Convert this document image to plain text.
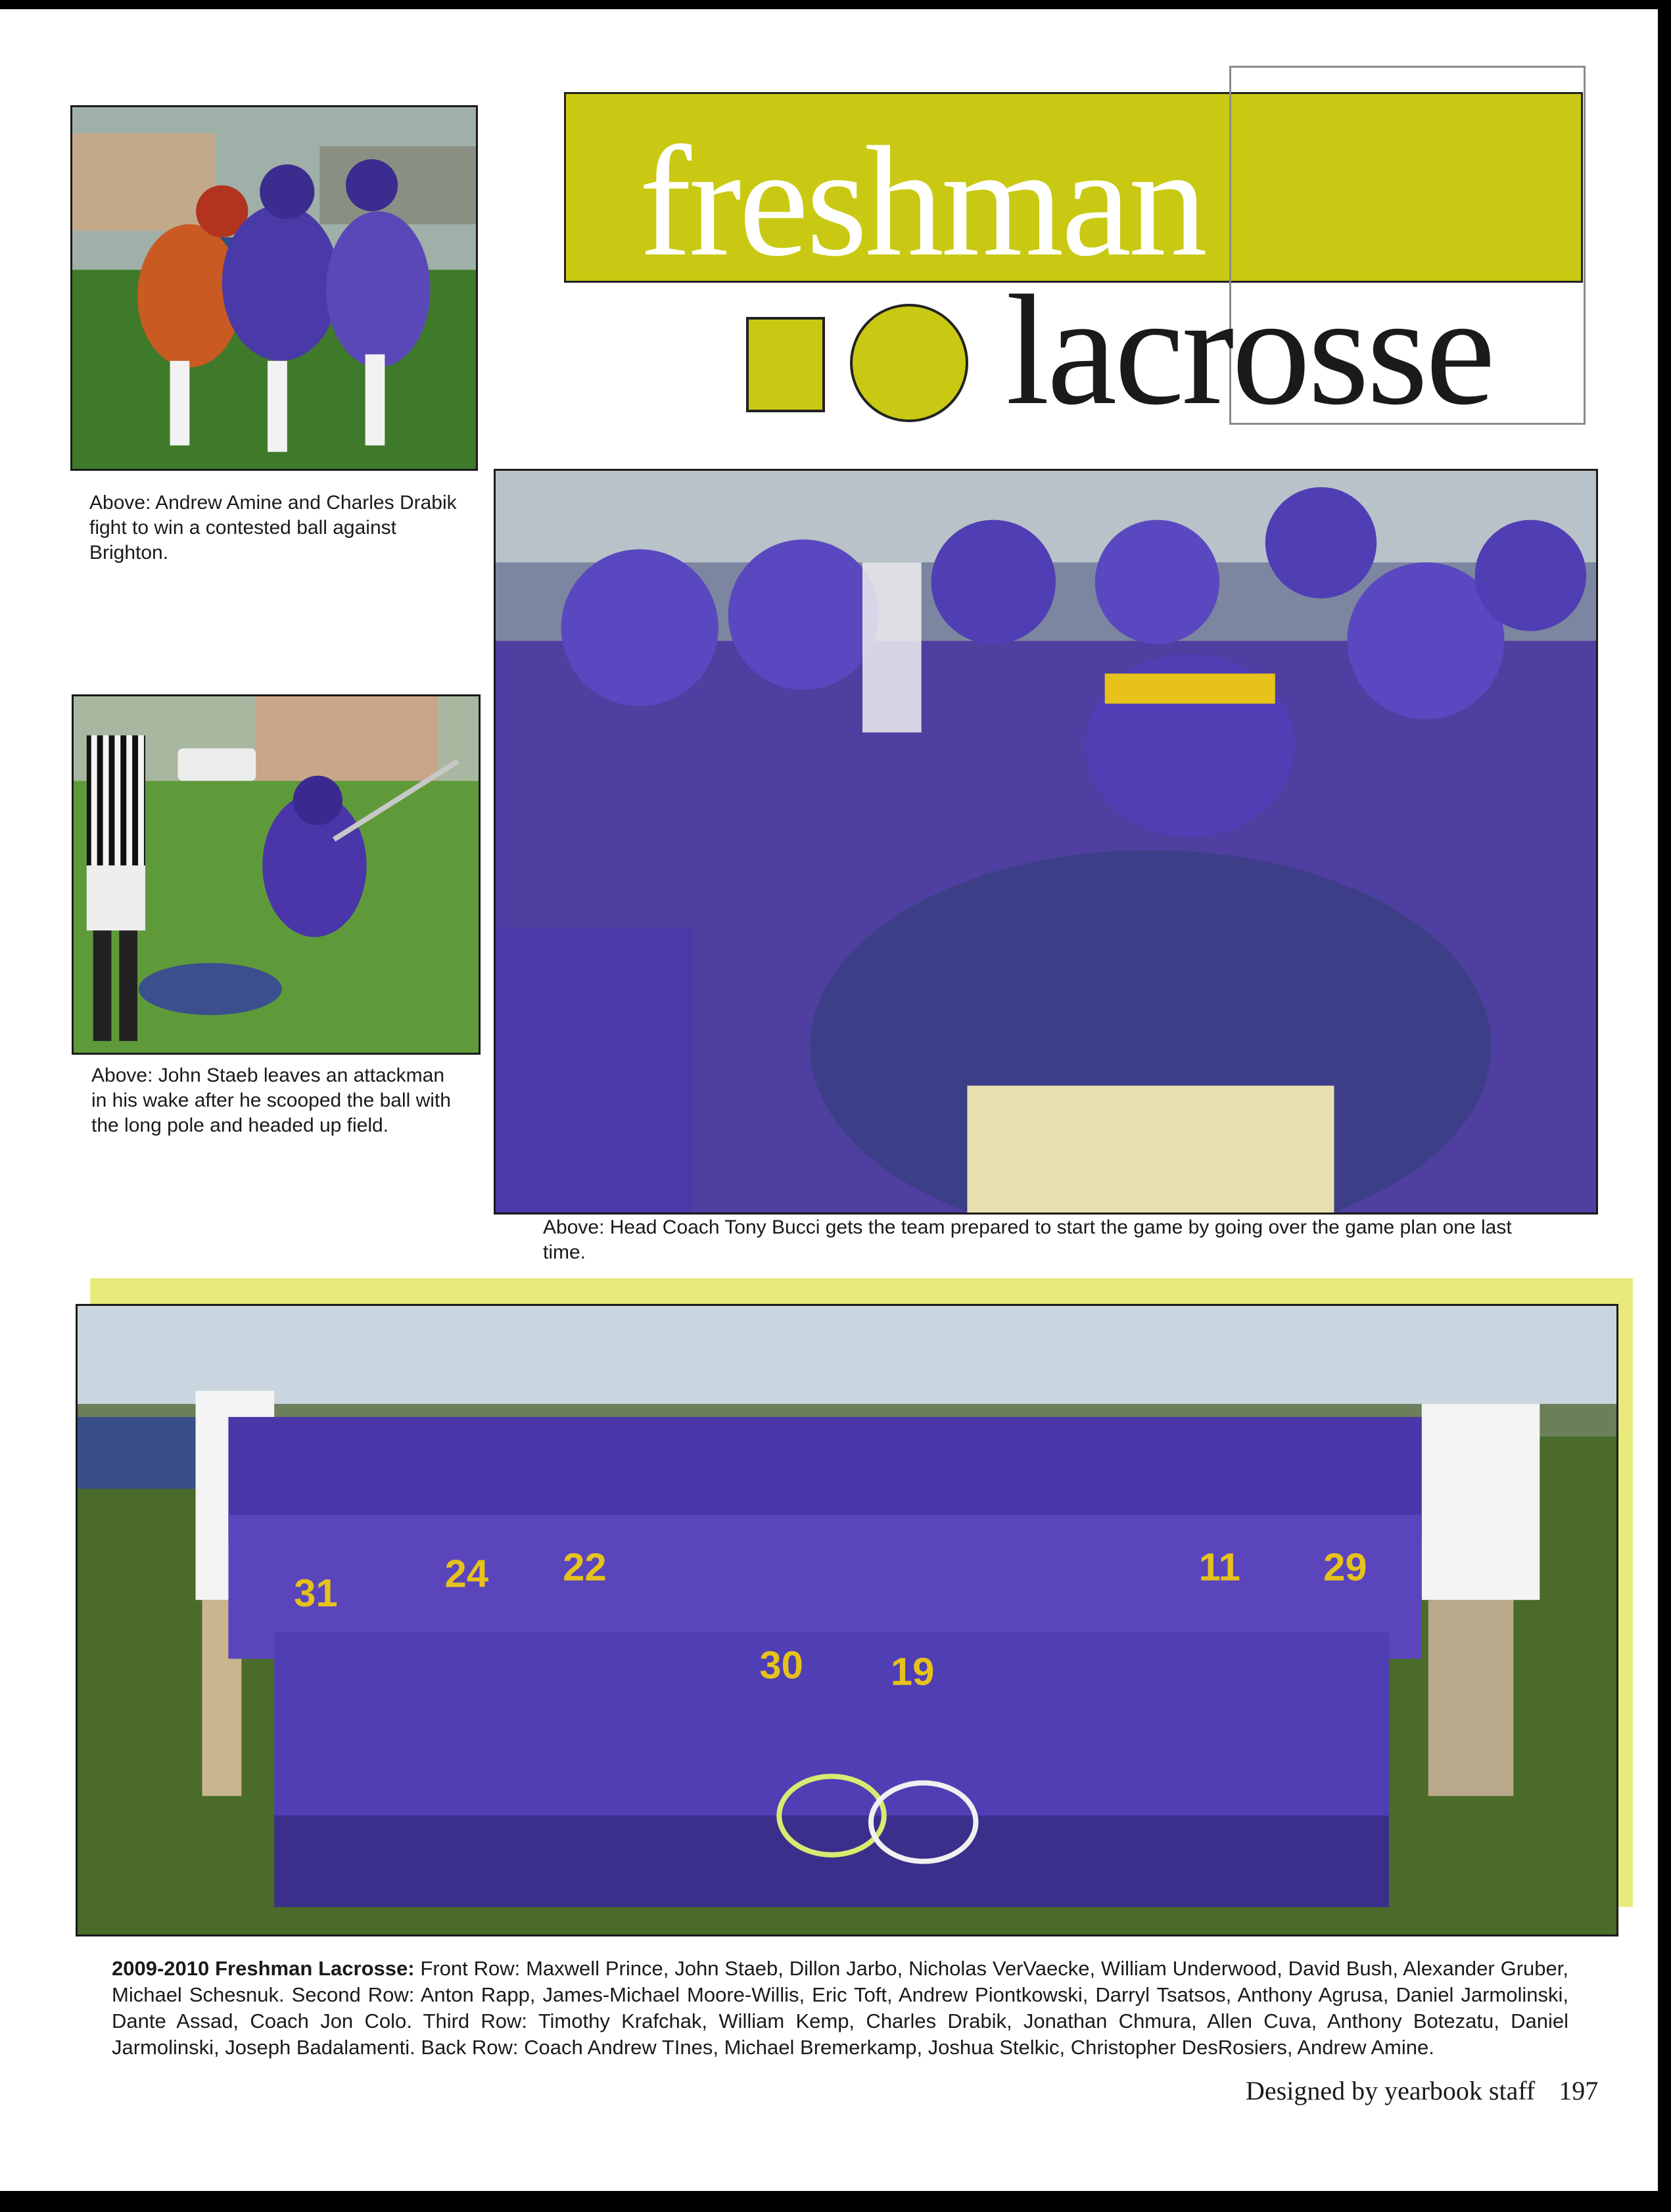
freshman
lacrosse
Above: Andrew Amine and Charles Drabik fight to win a contested ball against Brighton.
Above: John Staeb leaves an attackman in his wake after he scooped the ball with the long pole and headed up field.
Above: Head Coach Tony Bucci gets the team prepared to start the game by going over the game plan one last time.
31	24 22
30 19
11 29
2009-2010 Freshman Lacrosse: Front Row: Maxwell Prince, John Staeb, Dillon Jarbo, Nicholas VerVaecke, William Underwood, David Bush, Alexander Gruber, Michael Schesnuk. Second Row: Anton Rapp, James-Michael Moore-Willis, Eric Toft, Andrew Piontkowski, Darryl Tsatsos, Anthony Agrusa, Daniel Jarmolinski, Dante Assad, Coach Jon Colo. Third Row: Timothy Krafchak, William Kemp, Charles Drabik, Jonathan Chmura, Allen Cuva, Anthony Botezatu, Daniel Jarmolinski, Joseph Badalamenti. Back Row: Coach Andrew TInes, Michael Bremerkamp, Joshua Stelkic, Christopher DesRosiers, Andrew Amine.
Designed by yearbook staff 197
